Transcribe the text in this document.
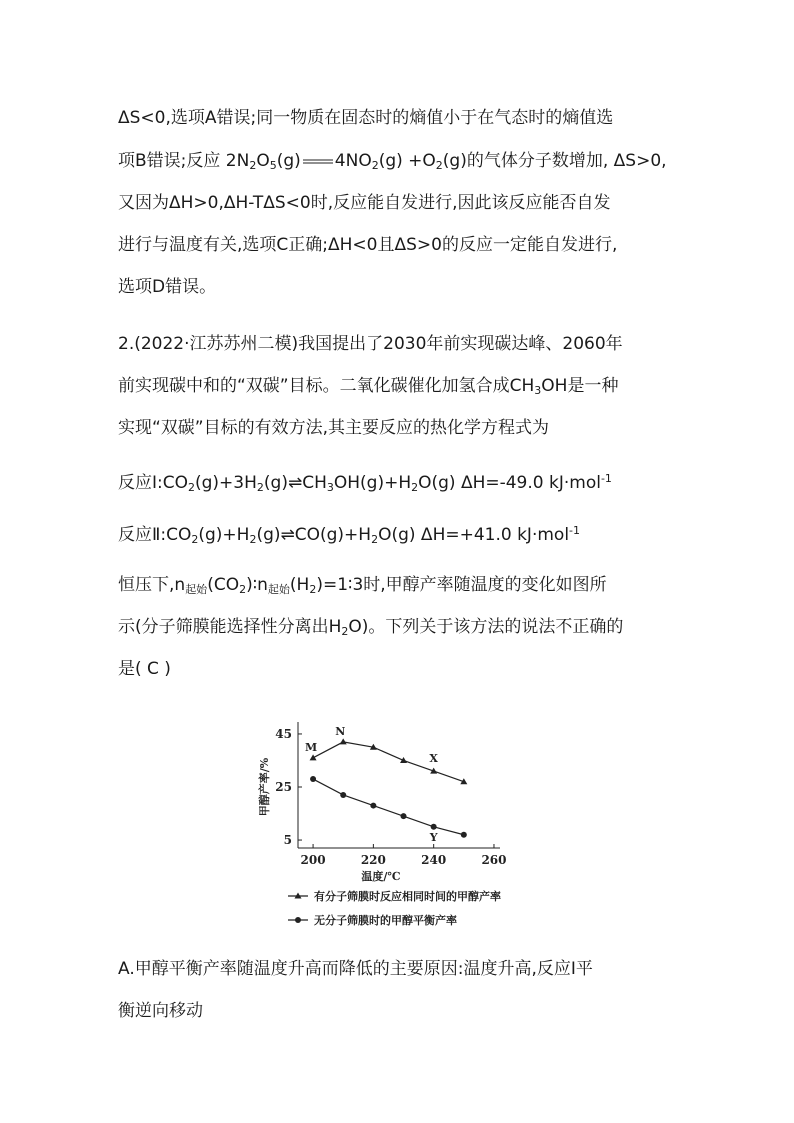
ΔS<0,选项A错误;同一物质在固态时的熵值小于在气态时的熵值选
项B错误;反应 $2N_2O_5(g)$ $4NO_2(g) +O_2(g)$的气体分子数增加, ΔS>0,
又因为ΔH>0,ΔH-TΔS<0时,反应能自发进行,因此该反应能否自发
进行与温度有关,选项C正确;ΔH<0且ΔS>0的反应一定能自发进行,
选项D错误。
2.(2022·江苏苏州二模)我国提出了2030年前实现碳达峰、2060年
前实现碳中和的“双碳”目标。二氧化碳催化加氢合成$CH_3OH$是一种
实现“双碳”目标的有效方法,其主要反应的热化学方程式为
反应$Ⅰ:CO_2(g)+3H_2(g)\rightleftharpoons CH_3OH(g)+H_2O(g)$ ΔH=-49.0 kJ·mol$^{-1}$
反应$Ⅱ:CO_2(g)+H_2(g)\rightleftharpoons CO(g)+H_2O(g)$ ΔH=+41.0 kJ·mol$^{-1}$
恒压下,n起始$(CO_2)∶n$起始$(H_2)=1∶3$时,甲醇产率随温度的变化如图所
示(分子筛膜能选择性分离出$H_2O$)。下列关于该方法的说法不正确的
是( C )
200	220	240	260
5
25
45
温度/℃
甲醇产率/%
M
N
X
Y
有分子筛膜时反应相同时间的甲醇产率
无分子筛膜时的甲醇平衡产率
A.甲醇平衡产率随温度升高而降低的主要原因:温度升高,反应Ⅰ平
衡逆向移动
